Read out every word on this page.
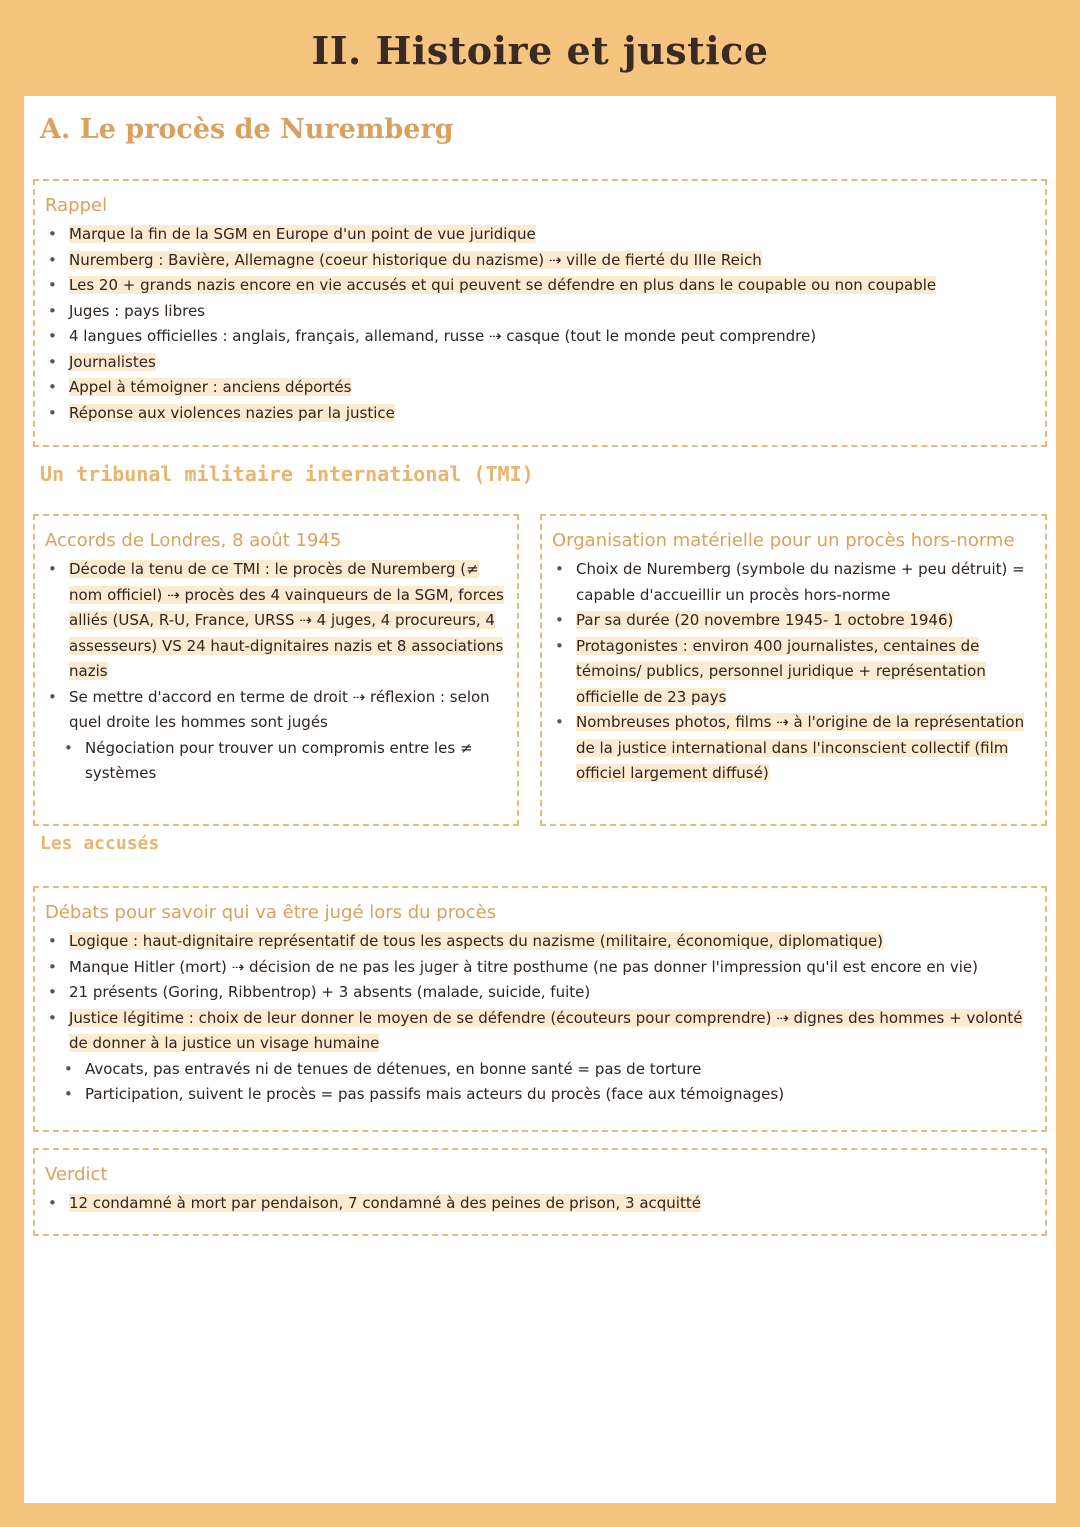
II. Histoire et justice
A. Le procès de Nuremberg
Rappel
• Marque la fin de la SGM en Europe d'un point de vue juridique
• Nuremberg : Bavière, Allemagne (coeur historique du nazisme) ⇢ ville de fierté du IIIe Reich
• Les 20 + grands nazis encore en vie accusés et qui peuvent se défendre en plus dans le coupable ou non coupable
• Juges : pays libres
• 4 langues officielles : anglais, français, allemand, russe ⇢ casque (tout le monde peut comprendre)
• Journalistes
• Appel à témoigner : anciens déportés
• Réponse aux violences nazies par la justice
Un tribunal militaire international (TMI)
Accords de Londres, 8 août 1945
• Décode la tenu de ce TMI : le procès de Nuremberg (≠ nom officiel) ⇢ procès des 4 vainqueurs de la SGM, forces alliés (USA, R-U, France, URSS ⇢ 4 juges, 4 procureurs, 4 assesseurs) VS 24 haut-dignitaires nazis et 8 associations nazis
• Se mettre d'accord en terme de droit ⇢ réflexion : selon quel droite les hommes sont jugés
• Négociation pour trouver un compromis entre les ≠ systèmes
Organisation matérielle pour un procès hors-norme
• Choix de Nuremberg (symbole du nazisme + peu détruit) = capable d'accueillir un procès hors-norme
• Par sa durée (20 novembre 1945- 1 octobre 1946)
• Protagonistes : environ 400 journalistes, centaines de témoins/ publics, personnel juridique + représentation officielle de 23 pays
• Nombreuses photos, films ⇢ à l'origine de la représentation de la justice international dans l'inconscient collectif (film officiel largement diffusé)
Les accusés
Débats pour savoir qui va être jugé lors du procès
• Logique : haut-dignitaire représentatif de tous les aspects du nazisme (militaire, économique, diplomatique)
• Manque Hitler (mort) ⇢ décision de ne pas les juger à titre posthume (ne pas donner l'impression qu'il est encore en vie)
• 21 présents (Goring, Ribbentrop) + 3 absents (malade, suicide, fuite)
• Justice légitime : choix de leur donner le moyen de se défendre (écouteurs pour comprendre) ⇢ dignes des hommes + volonté de donner à la justice un visage humaine
• Avocats, pas entravés ni de tenues de détenues, en bonne santé = pas de torture
• Participation, suivent le procès = pas passifs mais acteurs du procès (face aux témoignages)
Verdict
• 12 condamné à mort par pendaison, 7 condamné à des peines de prison, 3 acquitté
